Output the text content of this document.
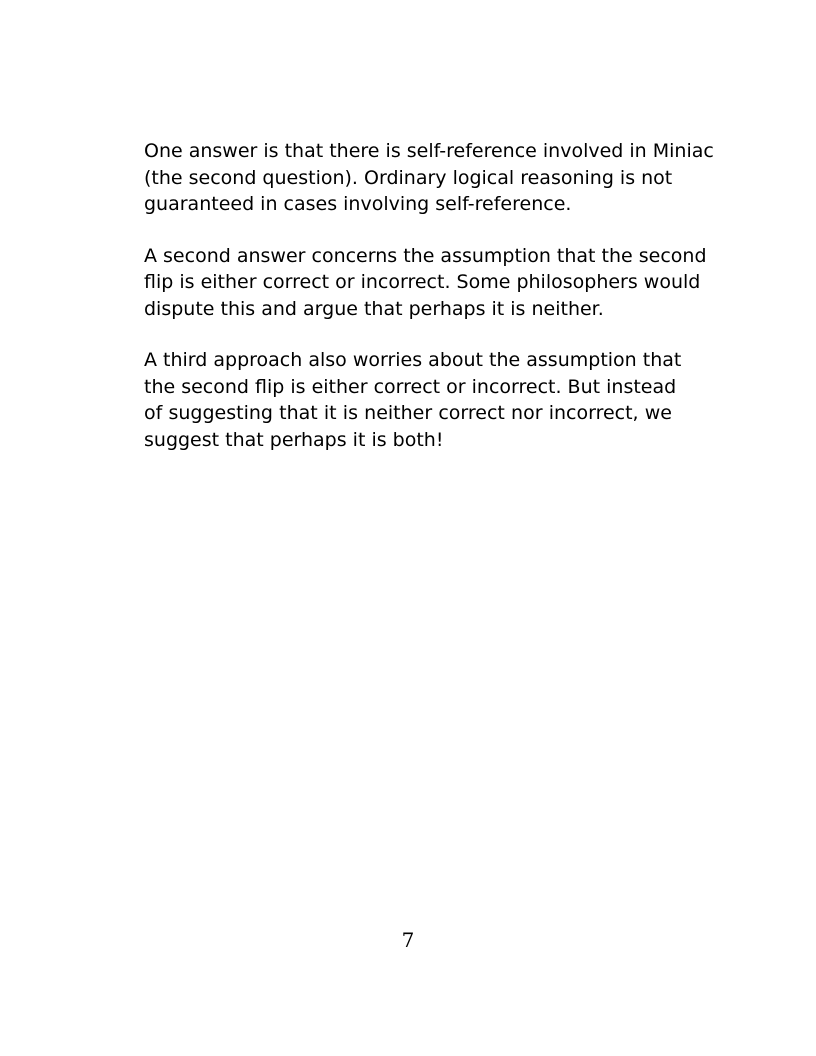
One answer is that there is self-reference involved in Miniac
(the second question). Ordinary logical reasoning is not
guaranteed in cases involving self-reference.

A second answer concerns the assumption that the second
flip is either correct or incorrect. Some philosophers would
dispute this and argue that perhaps it is neither.

A third approach also worries about the assumption that
the second flip is either correct or incorrect. But instead
of suggesting that it is neither correct nor incorrect, we
suggest that perhaps it is both!

7
